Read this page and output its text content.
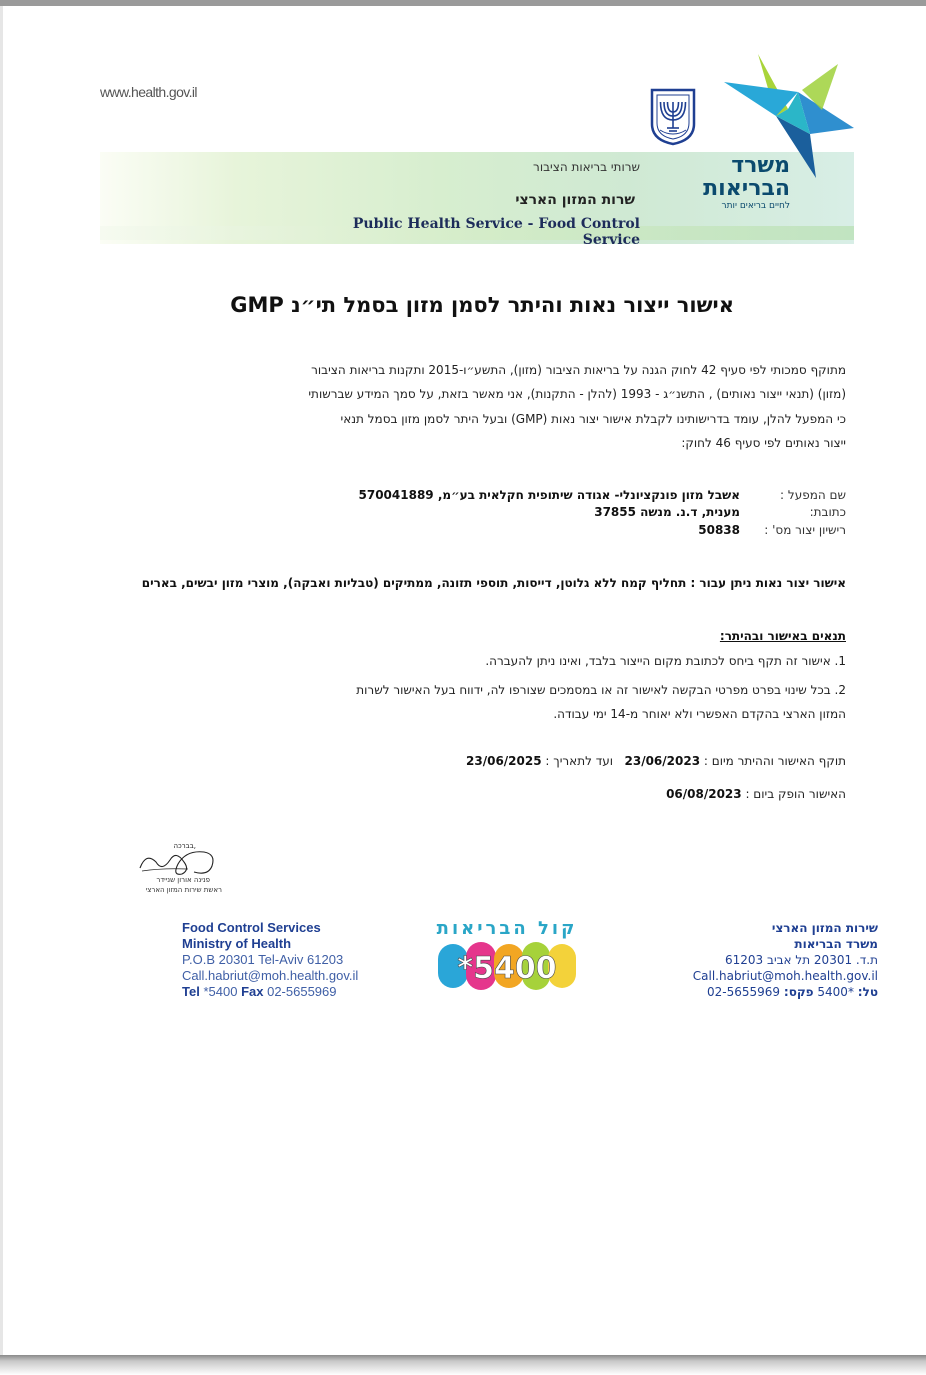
www.health.gov.il
משרד
הבריאות
לחיים בריאים יותר
שרותי בריאות הציבור
שרות המזון הארצי
Public Health Service - Food Control Service
אישור ייצור נאות והיתר לסמן מזון בסמל תי״נ GMP
מתוקף סמכותי לפי סעיף 42 לחוק הגנה על בריאות הציבור (מזון), התשע״ו-2015 ותקנות בריאות הציבור
(מזון) (תנאי ייצור נאותים) , התשנ״ג - 1993 (להלן - התקנות), אני מאשר בזאת, על סמך המידע שברשותי
כי המפעל להלן, עומד בדרישותינו לקבלת אישור יצור נאות (GMP) ובעל היתר לסמן מזון בסמל תנאי
ייצור נאותים לפי סעיף 46 לחוק:
שם המפעל :
אשבל מזון פונקציונלי- אגודה שיתופית חקלאית בע״מ, 570041889
כתובת:
מענית, ד.נ. מנשה 37855
רישיון יצור מס' :
50838
אישור יצור נאות ניתן עבור : תחליף קמח ללא גלוטן, דייסות, תוספי תזונה, ממתיקים (טבליות ואבקה), מוצרי מזון יבשים, בארים
תנאים באישור ובהיתר:
1. אישור זה תקף ביחס לכתובת מקום הייצור בלבד, ואינו ניתן להעברה.
2. בכל שינוי בפרט מפרטי הבקשה לאישור זה או במסמכים שצורפו לה, ידווח בעל האישור לשרות
המזון הארצי בהקדם האפשרי ולא יאוחר מ-14 ימי עבודה.
תוקף האישור וההיתר מיום : 23/06/2023   ועד לתאריך : 23/06/2025
האישור הופק ביום : 06/08/2023
בברכה,
פנינה אורון שניידר
ראשת שירות המזון הארצי
Food Control Services
Ministry of Health
P.O.B 20301 Tel-Aviv 61203
Call.habriut@moh.health.gov.il
Tel *5400 Fax 02-5655969
קול הבריאות
*5400
שירות המזון הארצי
משרד הבריאות
ת.ד. 20301 תל אביב 61203
Call.habriut@moh.health.gov.il
טל: *5400 פקס: 02-5655969
